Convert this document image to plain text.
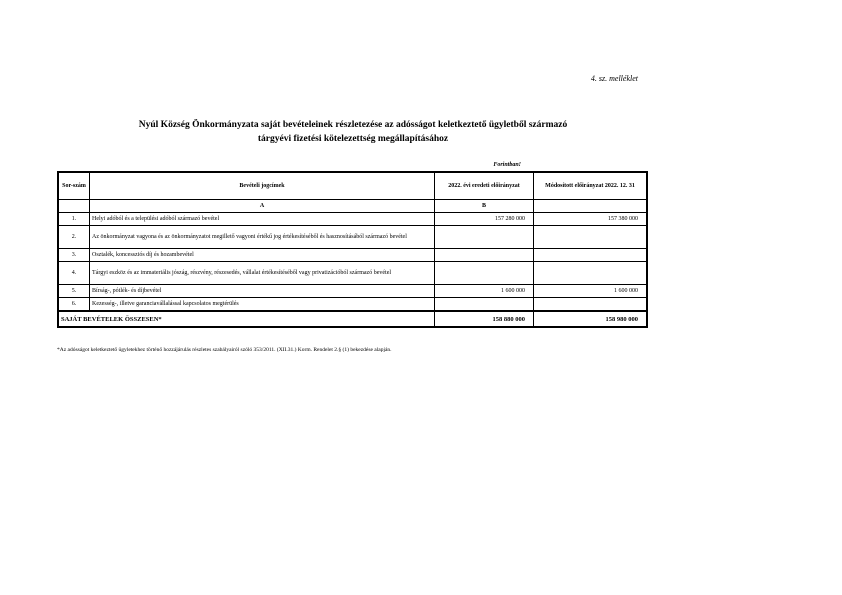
4. sz. melléklet
Nyúl Község Önkormányzata saját bevételeinek részletezése az adósságot keletkeztető ügyletből származó
tárgyévi fizetési kötelezettség megállapításához
Forintban!
Sor-szám	Bevételi jogcímek	2022. évi eredeti előirányzat	Módosított előirányzat 2022. 12. 31
	A	B	
1.	Helyi adóból és a települési adóból származó bevétel	157 280 000	157 380 000
2.	Az önkormányzat vagyona és az önkormányzatot megillető vagyoni értékű jog értékesítéséből és hasznosításából származó bevétel		
3.	Osztalék, koncessziós díj és hozambevétel		
4.	Tárgyi eszköz és az immateriális jószág, részvény, részesedés, vállalat értékesítéséből vagy privatizációból származó bevétel		
5.	Bírság-, pótlék- és díjbevétel	1 600 000	1 600 000
6.	Kezesség-, illetve garanciavállalással kapcsolatos megtérülés		
SAJÁT BEVÉTELEK ÖSSZESEN*		158 880 000	158 980 000
*Az adósságot keletkeztető ügyletekhez történő hozzájárulás részletes szabályairól szóló 353/2011. (XII.31.) Korm. Rendelet 2.§ (1) bekezdése alapján.
